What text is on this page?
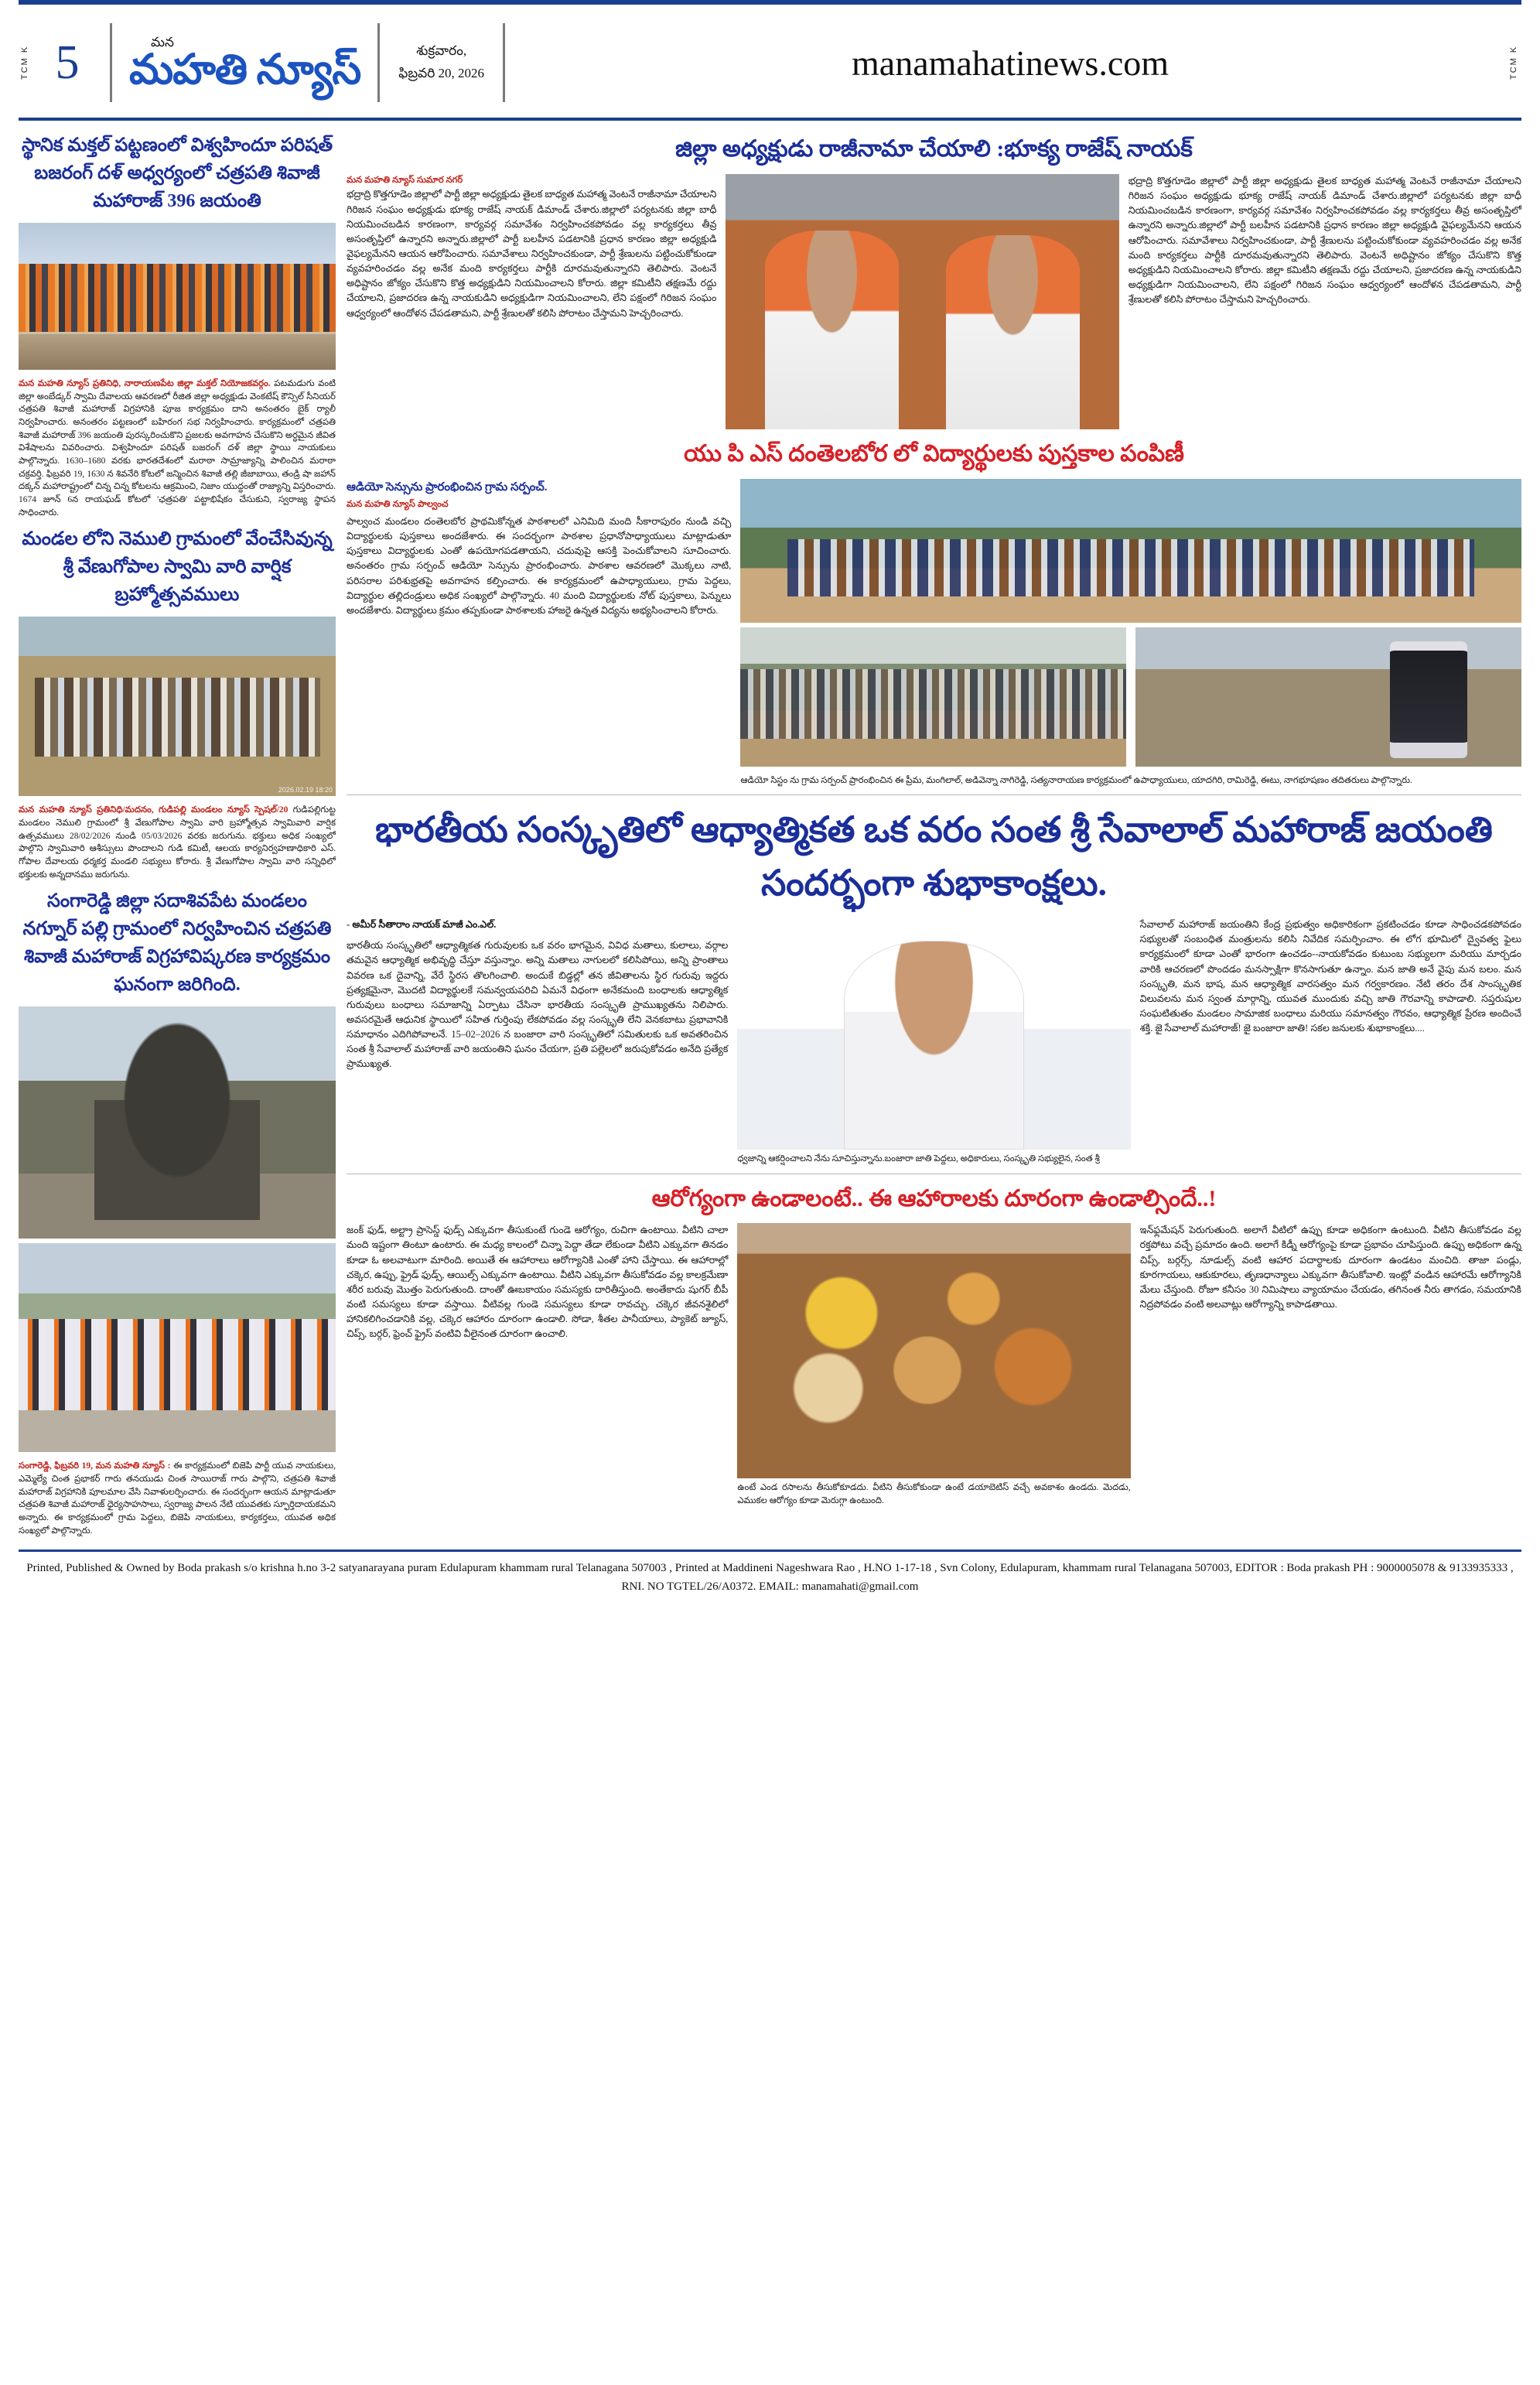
TCM K 5	మన
మహతి న్యూస్	శుక్రవారం,
ఫిబ్రవరి 20, 2026	manamahatinews.com	TCM K
స్థానిక మక్తల్ పట్టణంలో విశ్వహిందూ పరిషత్ బజరంగ్ దళ్ అధ్వర్యంలో చత్రపతి శివాజీ మహారాజ్ 396 జయంతి
మన మహతి న్యూస్ ప్రతినిధి, నారాయణపేట జిల్లా మక్తల్ నియోజకవర్గం. పటమడుగు వంటి జిల్లా అంబేడ్కర్ స్వామి దేవాలయ ఆవరణలో రీజిత జిల్లా అధ్యక్షుడు వెంకటేష్ కౌన్సిల్ సీనియర్ చత్రపతి శివాజీ మహారాజ్ విగ్రహానికి పూజ కార్యక్రమం దాని అనంతరం బైక్ ర్యాలీ నిర్వహించారు. అనంతరం పట్టణంలో బహిరంగ సభ నిర్వహించారు. కార్యక్రమంలో చత్రపతి శివాజీ మహారాజ్ 396 జయంతి పురస్కరించుకొని ప్రజలకు అవగాహన చేసుకొని అర్ధమైన జీవిత విశేషాలను వివరించారు. విశ్వహిందూ పరిషత్ బజరంగ్ దళ్ జిల్లా స్థాయి నాయకులు పాల్గొన్నారు. 1630–1680 వరకు భారతదేశంలో మరాఠా సామ్రాజ్యాన్ని పాలించిన మరాఠా చక్రవర్తి. ఫిబ్రవరి 19, 1630 న శివనేరి కోటలో జన్మించిన శివాజీ తల్లి జీజాబాయి, తండ్రి షా జహాన్ దక్కన్ మహారాష్ట్రంలో చిన్న చిన్న కోటలను ఆక్రమించి, నిజాం యుద్ధంతో రాజ్యాన్ని విస్తరించారు. 1674 జూన్ 6న రాయఘడ్ కోటలో 'ఛత్రపతి' పట్టాభిషేకం చేసుకుని, స్వరాజ్య స్థాపన సాధించారు.
మండల లోని నెములి గ్రామంలో వేంచేసివున్న శ్రీ వేణుగోపాల స్వామి వారి వార్షిక బ్రహ్మోత్సవములు
2026.02.19 18:20
మన మహతి న్యూస్ ప్రతినిధి/మదనం, గుడిపల్లి మండలం న్యూస్ స్పెషల్/20 గుడిపల్లిగుట్ట మండలం నెములి గ్రామంలో శ్రీ వేణుగోపాల స్వామి వారి బ్రహ్మోత్సవ స్వామివారి వార్షిక ఉత్సవములు 28/02/2026 నుండి 05/03/2026 వరకు జరుగును. భక్తులు అధిక సంఖ్యలో పాల్గొని స్వామివారి ఆశీస్సులు పొందాలని గుడి కమిటీ, ఆలయ కార్యనిర్వహణాధికారి ఎస్. గోపాల దేవాలయ ధర్మకర్త మండలి సభ్యులు కోరారు. శ్రీ వేణుగోపాల స్వామి వారి సన్నిధిలో భక్తులకు అన్నదానము జరుగును.
సంగారెడ్డి జిల్లా సదాశివపేట మండలం నగ్నూర్ పల్లి గ్రామంలో నిర్వహించిన చత్రపతి శివాజీ మహారాజ్ విగ్రహావిష్కరణ కార్యక్రమం ఘనంగా జరిగింది.
సంగారెడ్డి, ఫిబ్రవరి 19, మన మహతి న్యూస్ : ఈ కార్యక్రమంలో బిజెపి పార్టీ యువ నాయకులు, ఎమ్మెల్యే చింత ప్రభాకర్ గారు తనయుడు చింత సాయిరాజ్ గారు పాల్గొని, చత్రపతి శివాజీ మహారాజ్ విగ్రహానికి పూలమాల వేసి నివాళులర్పించారు. ఈ సందర్భంగా ఆయన మాట్లాడుతూ చత్రపతి శివాజీ మహారాజ్ ధైర్యసాహసాలు, స్వరాజ్య పాలన నేటి యువతకు స్ఫూర్తిదాయకమని అన్నారు. ఈ కార్యక్రమంలో గ్రామ పెద్దలు, బిజెపి నాయకులు, కార్యకర్తలు, యువత అధిక సంఖ్యలో పాల్గొన్నారు.
జిల్లా అధ్యక్షుడు రాజీనామా చేయాలి :భూక్య రాజేష్ నాయక్
మన మహతి న్యూస్ సుమార నగర్
భద్రాద్రి కొత్తగూడెం జిల్లాలో పార్టీ జిల్లా అధ్యక్షుడు తైలక బాధ్యత మహాత్మ వెంటనే రాజీనామా చేయాలని గిరిజన సంఘం అధ్యక్షుడు భూక్య రాజేష్ నాయక్ డిమాండ్ చేశారు.జిల్లాలో పర్యటనకు జిల్లా బాధీ నియమించబడిన కారణంగా, కార్యవర్గ సమావేశం నిర్వహించకపోవడం వల్ల కార్యకర్తలు తీవ్ర అసంతృప్తిలో ఉన్నారని అన్నారు.జిల్లాలో పార్టీ బలహీన పడటానికి ప్రధాన కారణం జిల్లా అధ్యక్షుడి వైఫల్యమేనని ఆయన ఆరోపించారు. సమావేశాలు నిర్వహించకుండా, పార్టీ శ్రేణులను పట్టించుకోకుండా వ్యవహరించడం వల్ల అనేక మంది కార్యకర్తలు పార్టీకి దూరమవుతున్నారని తెలిపారు. వెంటనే అధిష్టానం జోక్యం చేసుకొని కొత్త అధ్యక్షుడిని నియమించాలని కోరారు. జిల్లా కమిటీని తక్షణమే రద్దు చేయాలని, ప్రజాదరణ ఉన్న నాయకుడిని అధ్యక్షుడిగా నియమించాలని, లేని పక్షంలో గిరిజన సంఘం ఆధ్వర్యంలో ఆందోళన చేపడతామని, పార్టీ శ్రేణులతో కలిసి పోరాటం చేస్తామని హెచ్చరించారు.
భద్రాద్రి కొత్తగూడెం జిల్లాలో పార్టీ జిల్లా అధ్యక్షుడు తైలక బాధ్యత మహాత్మ వెంటనే రాజీనామా చేయాలని గిరిజన సంఘం అధ్యక్షుడు భూక్య రాజేష్ నాయక్ డిమాండ్ చేశారు.జిల్లాలో పర్యటనకు జిల్లా బాధీ నియమించబడిన కారణంగా, కార్యవర్గ సమావేశం నిర్వహించకపోవడం వల్ల కార్యకర్తలు తీవ్ర అసంతృప్తిలో ఉన్నారని అన్నారు.జిల్లాలో పార్టీ బలహీన పడటానికి ప్రధాన కారణం జిల్లా అధ్యక్షుడి వైఫల్యమేనని ఆయన ఆరోపించారు. సమావేశాలు నిర్వహించకుండా, పార్టీ శ్రేణులను పట్టించుకోకుండా వ్యవహరించడం వల్ల అనేక మంది కార్యకర్తలు పార్టీకి దూరమవుతున్నారని తెలిపారు. వెంటనే అధిష్టానం జోక్యం చేసుకొని కొత్త అధ్యక్షుడిని నియమించాలని కోరారు. జిల్లా కమిటీని తక్షణమే రద్దు చేయాలని, ప్రజాదరణ ఉన్న నాయకుడిని అధ్యక్షుడిగా నియమించాలని, లేని పక్షంలో గిరిజన సంఘం ఆధ్వర్యంలో ఆందోళన చేపడతామని, పార్టీ శ్రేణులతో కలిసి పోరాటం చేస్తామని హెచ్చరించారు.
యు పి ఎస్ దంతెలబోర లో విద్యార్థులకు పుస్తకాల పంపిణీ
ఆడియో సెన్సును ప్రారంభించిన గ్రామ సర్పంచ్.
మన మహతి న్యూస్ పాల్వంచ
పాల్వంచ మండలం దంతెలబోర ప్రాథమికోన్నత పాఠశాలలో ఎనిమిది మంది సీకారాపురం నుండి వచ్చి విద్యార్థులకు పుస్తకాలు అందజేశారు. ఈ సందర్భంగా పాఠశాల ప్రధానోపాధ్యాయులు మాట్లాడుతూ పుస్తకాలు విద్యార్థులకు ఎంతో ఉపయోగపడతాయని, చదువుపై ఆసక్తి పెంచుకోవాలని సూచించారు. అనంతరం గ్రామ సర్పంచ్ ఆడియో సెన్సును ప్రారంభించారు. పాఠశాల ఆవరణలో మొక్కలు నాటి, పరిసరాల పరిశుభ్రతపై అవగాహన కల్పించారు. ఈ కార్యక్రమంలో ఉపాధ్యాయులు, గ్రామ పెద్దలు, విద్యార్థుల తల్లిదండ్రులు అధిక సంఖ్యలో పాల్గొన్నారు. 40 మంది విద్యార్థులకు నోట్ పుస్తకాలు, పెన్నులు అందజేశారు. విద్యార్థులు క్రమం తప్పకుండా పాఠశాలకు హాజరై ఉన్నత విద్యను అభ్యసించాలని కోరారు.
ఆడియో సిస్టం ను గ్రామ సర్పంచ్ ప్రారంభించిన ఈ ప్రీమ, మంగిలాల్, అడివెన్నా నాగిరెడ్డి, సత్యనారాయణ కార్యక్రమంలో ఉపాధ్యాయులు, యాదగిరి, రామిరెడ్డి, ఈటు, నాగభూషణం తదితరులు పాల్గొన్నారు.
భారతీయ సంస్కృతిలో ఆధ్యాత్మికత ఒక వరం సంత శ్రీ సేవాలాల్ మహారాజ్ జయంతి సందర్భంగా శుభాకాంక్షలు.
- అమీర్ సీతారాం నాయక్ మాజీ ఎం.ఎల్.
భారతీయ సంస్కృతిలో ఆధ్యాత్మికత గురువులకు ఒక వరం భాగమైన, వివిధ మతాలు, కులాలు, వర్గాల తమవైన ఆధ్యాత్మిక అభివృద్ధి చేస్తూ వస్తున్నాం. అన్ని మతాలు నాగులలో కలిసిపోయి, అన్ని ప్రాంతాలు వివరణ ఒక దైవాన్ని, వేరే స్థిరస తొలగించాలి. అందుకే బిడ్డల్లో తన జీవితాలను స్థిర గురువు ఇద్దరు ప్రత్యక్షమైనా, మొదటి విద్యార్థులకే సమన్వయపరిచి ఏమనే విధంగా అనేకమంది బంధాలకు ఆధ్యాత్మిక గురువులు బంధాలు సమాజాన్ని ఏర్పాటు చేసినా భారతీయ సంస్కృతి ప్రాముఖ్యతను నిలిపారు. అవసరమైతే ఆధునిక స్థాయిలో సహిత గుర్తింపు లేకపోవడం వల్ల సంస్కృతి లేని వెనకబాటు ప్రభావానికి సమాధానం ఎదిగిపోవాలనే. 15–02–2026 న బంజారా వారి సంస్కృతిలో సమితులకు ఒక అవతరించిన సంత శ్రీ సేవాలాల్ మహారాజ్ వారి జయంతిని ఘనం చేయగా, ప్రతి పల్లెలలో జరుపుకోవడం అనేది ప్రత్యేక ప్రాముఖ్యత.
ధ్వజాన్ని ఆకర్షించాలని నేను సూచిస్తున్నాను.బంజారా జాతి పెద్దలు, అధికారులు, సంస్కృతి సభ్యులైన, సంత శ్రీ
సేవాలాల్ మహారాజ్ జయంతిని కేంద్ర ప్రభుత్వం అధికారికంగా ప్రకటించడం కూడా సాధించడకపోవడం సభ్యులతో సంబంధిత మంత్రులను కలిసి నివేదిక సమర్పించాం. ఈ లోగ భూమిలో ద్వైవత్వ ఫైలు కార్యక్రమంలో కూడా ఎంతో భారంగా ఉంచడం--నాయకోవడం కుటుంబ సభ్యులగా మరియు మార్చడం వారికి ఆచరణలో పొందడం మనస్సాక్షిగా కొనసాగుతూ ఉన్నాం. మన జాతి అనే వైపు మన బలం. మన సంస్కృతి, మన భాష, మన ఆధ్యాత్మిక వారసత్వం మన గర్వకారణం. నేటి తరం దేశ సాంస్కృతిక విలువలను మన స్వంత మార్గాన్ని, యువత ముందుకు వచ్చి జాతి గౌరవాన్ని కాపాడాలి. సప్తరుషుల సంఘటితుతం మండలం సామాజిక బంధాలు మరియు సమానత్వం గౌరవం, ఆధ్యాత్మిక ప్రేరణ అందించే శక్తి. జై సేవాలాల్ మహారాజ్! జై బంజారా జాతి! సకల జనులకు శుభాకాంక్షలు....
ఆరోగ్యంగా ఉండాలంటే.. ఈ ఆహారాలకు దూరంగా ఉండాల్సిందే..!
జంక్ ఫుడ్, అల్ట్రా ప్రాసెస్డ్ ఫుడ్స్ ఎక్కువగా తీసుకుంటే గుండె ఆరోగ్యం, రుచిగా ఉంటాయి. వీటిని చాలా మంది ఇష్టంగా తింటూ ఉంటారు. ఈ మధ్య కాలంలో చిన్నా పెద్దా తేడా లేకుండా వీటిని ఎక్కువగా తినడం కూడా ఓ అలవాటుగా మారింది. అయితే ఈ ఆహారాలు ఆరోగ్యానికి ఎంతో హాని చేస్తాయి. ఈ ఆహారాల్లో చక్కెర, ఉప్పు, ఫ్రైడ్ ఫుడ్స్, ఆయిల్స్ ఎక్కువగా ఉంటాయి. వీటిని ఎక్కువగా తీసుకోవడం వల్ల కాలక్రమేణా శరీర బరువు మొత్తం పెరుగుతుంది. దాంతో ఊబకాయం సమస్యకు దారితీస్తుంది. అంతేకాదు షుగర్ బీపీ వంటి సమస్యలు కూడా వస్తాయి. వీటివల్ల గుండె సమస్యలు కూడా రావచ్చు. చక్కెర జీవనశైలిలో హానికలిగించడానికి వల్ల, చక్కెర ఆహారం దూరంగా ఉండాలి. సోడా, శీతల పానీయాలు, ప్యాకెట్ జ్యూస్, చిప్స్, బర్గర్, ఫ్రెంచ్ ఫ్రైస్ వంటివి వీలైనంత దూరంగా ఉంచాలి.
ఉంటే ఎండ రసాలను తీసుకోకూడదు. వీటిని తీసుకోకుండా ఉంటే డయాబెటిస్ వచ్చే అవకాశం ఉండదు. మెదడు, ఎముకల ఆరోగ్యం కూడా మెరుగ్గా ఉంటుంది.
ఇన్‌ఫ్లమేషన్ పెరుగుతుంది. అలాగే వీటిలో ఉప్పు కూడా అధికంగా ఉంటుంది. వీటిని తీసుకోవడం వల్ల రక్తపోటు వచ్చే ప్రమాదం ఉంది. అలాగే కిడ్నీ ఆరోగ్యంపై కూడా ప్రభావం చూపిస్తుంది. ఉప్పు అధికంగా ఉన్న చిప్స్, బర్గర్స్, నూడుల్స్ వంటి ఆహార పదార్థాలకు దూరంగా ఉండటం మంచిది. తాజా పండ్లు, కూరగాయలు, ఆకుకూరలు, తృణధాన్యాలు ఎక్కువగా తీసుకోవాలి. ఇంట్లో వండిన ఆహారమే ఆరోగ్యానికి మేలు చేస్తుంది. రోజూ కనీసం 30 నిమిషాలు వ్యాయామం చేయడం, తగినంత నీరు తాగడం, సమయానికి నిద్రపోవడం వంటి అలవాట్లు ఆరోగ్యాన్ని కాపాడతాయి.
Printed, Published & Owned by Boda prakash s/o krishna h.no 3-2 satyanarayana puram Edulapuram khammam rural Telanagana 507003 , Printed at Maddineni Nageshwara Rao , H.NO 1-17-18 , Svn Colony, Edulapuram, khammam rural Telanagana 507003, EDITOR : Boda prakash PH : 9000005078 & 9133935333 , RNI. NO TGTEL/26/A0372. EMAIL: manamahati@gmail.com
